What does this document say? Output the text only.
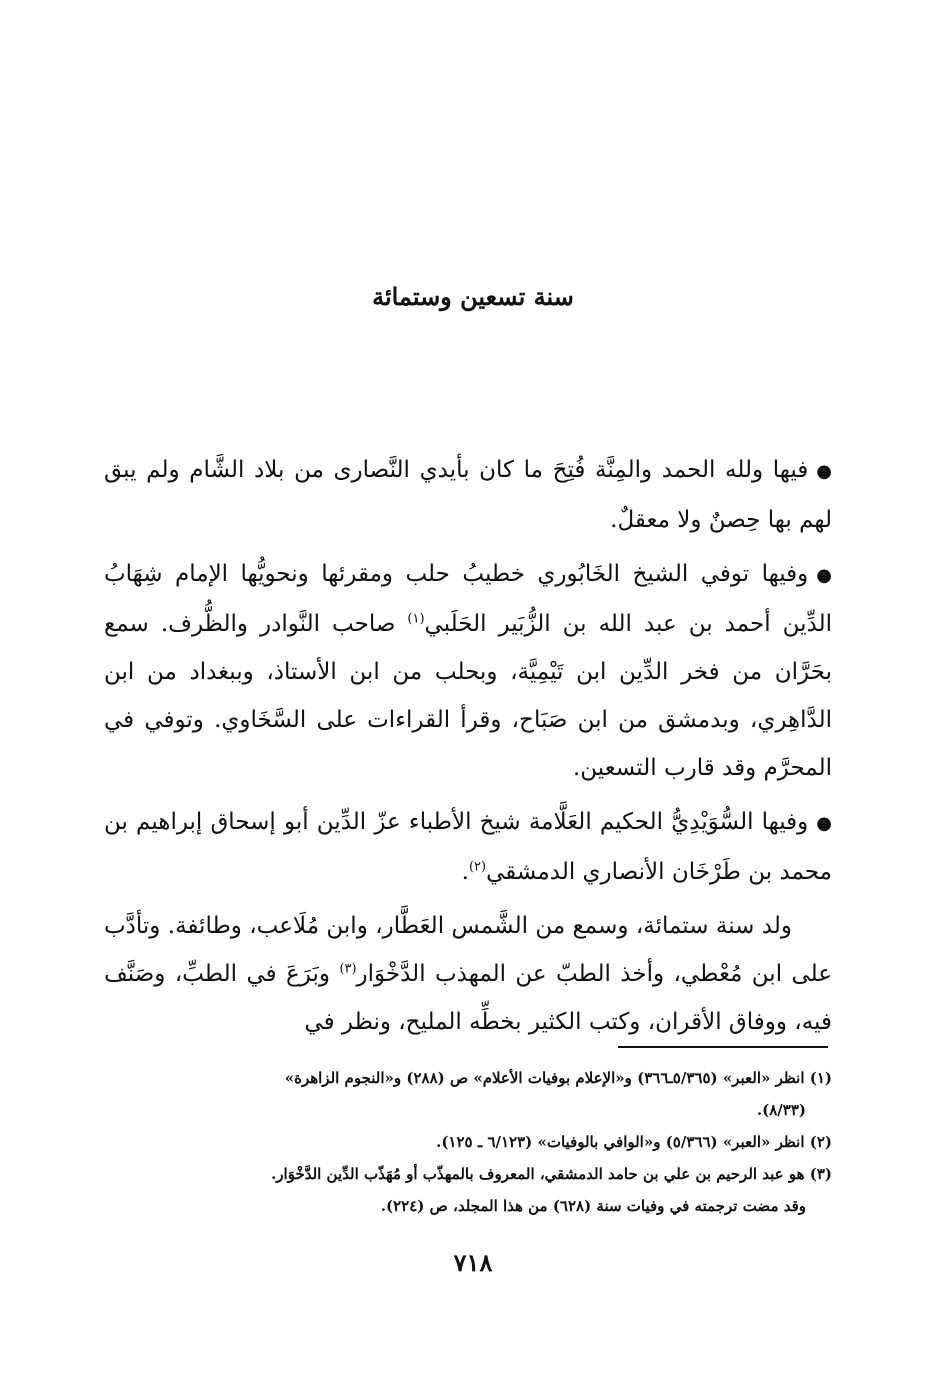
سنة تسعين وستمائة

●فيها ولله الحمد والمِنَّة فُتِحَ ما كان بأيدي النَّصارى من بلاد الشَّام ولم يبق لهم بها حِصنٌ ولا معقلٌ.

●وفيها توفي الشيخ الخَابُوري خطيبُ حلب ومقرئها ونحويُّها الإمام شِهَابُ الدِّين أحمد بن عبد الله بن الزُّبَير الحَلَبي$^{(١)}$ صاحب النَّوادر والظُّرف. سمع بحَرَّان من فخر الدِّين ابن تَيْمِيَّة، وبحلب من ابن الأستاذ، وببغداد من ابن الدَّاهِري، وبدمشق من ابن صَبَاح، وقرأ القراءات على السَّخَاوي. وتوفي في المحرَّم وقد قارب التسعين.

●وفيها السُّوَيْدِيُّ الحكيم العَلَّامة شيخ الأطباء عزّ الدِّين أبو إسحاق إبراهيم بن محمد بن طَرْخَان الأنصاري الدمشقي$^{(٢)}$.

ولد سنة ستمائة، وسمع من الشَّمس العَطَّار، وابن مُلَاعب، وطائفة. وتأدَّب على ابن مُعْطي، وأخذ الطبّ عن المهذب الدَّخْوَار$^{(٣)}$ وبَرَعَ في الطبِّ، وصَنَّف فيه، ووفاق الأقران، وكتب الكثير بخطِّه المليح، ونظر في

(١) انظر «العبر» (٥/٣٦٥ـ٣٦٦) و«الإعلام بوفيات الأعلام» ص (٢٨٨) و«النجوم الزاهرة»

(٨/٣٣).

(٢) انظر «العبر» (٥/٣٦٦) و«الوافي بالوفيات» (٦/١٢٣ ـ ١٢٥).

(٣) هو عبد الرحيم بن علي بن حامد الدمشقي، المعروف بالمهذّب أو مُهَذّب الدِّين الدَّخْوَار.

وقد مضت ترجمته في وفيات سنة (٦٢٨) من هذا المجلد، ص (٢٢٤).

٧١٨
